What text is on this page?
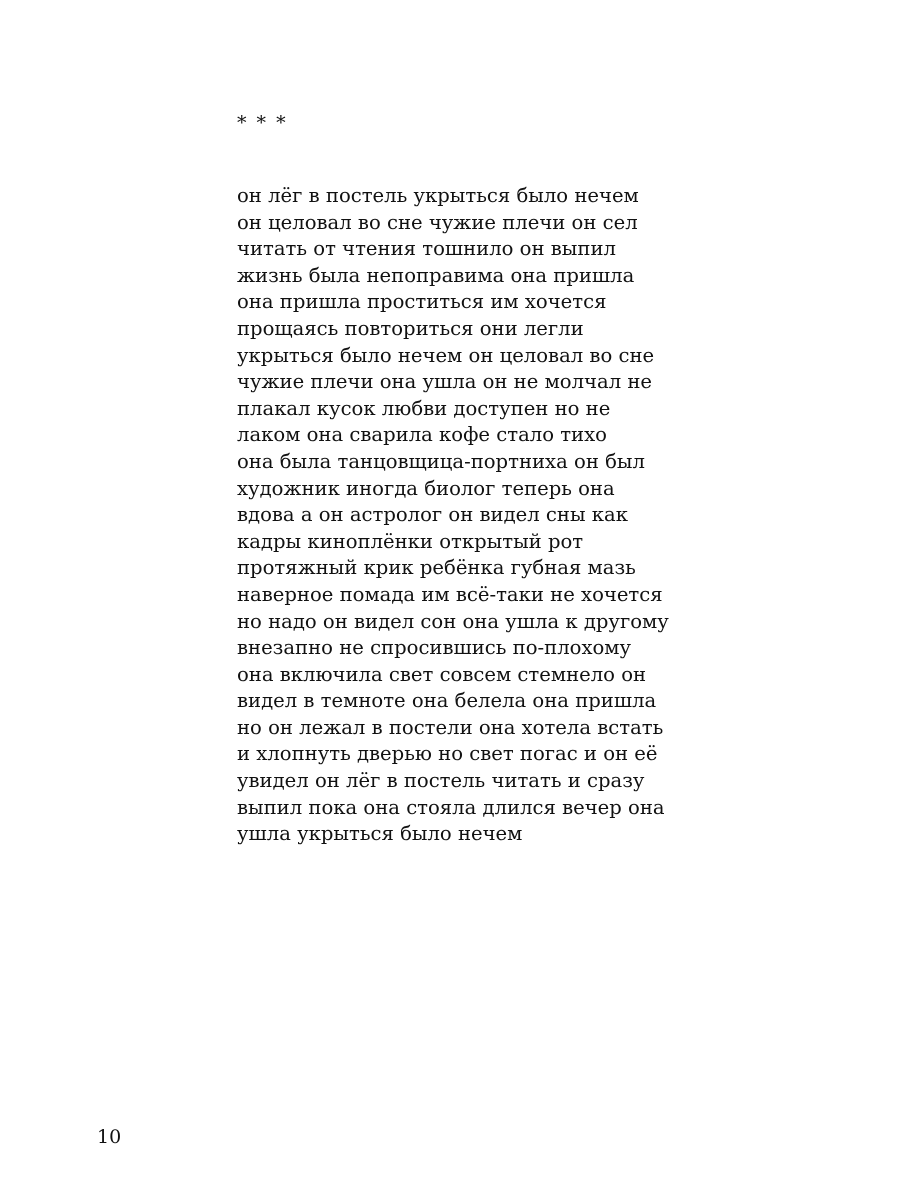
* * *
он лёг в постель укрыться было нечем
он целовал во сне чужие плечи он сел
читать от чтения тошнило он выпил
жизнь была непоправима она пришла
она пришла проститься им хочется
прощаясь повториться они легли
укрыться было нечем он целовал во сне
чужие плечи она ушла он не молчал не
плакал кусок любви доступен но не
лаком она сварила кофе стало тихо
она была танцовщица-портниха он был
художник иногда биолог теперь она
вдова а он астролог он видел сны как
кадры киноплёнки открытый рот
протяжный крик ребёнка губная мазь
наверное помада им всё-таки не хочется
но надо он видел сон она ушла к другому
внезапно не спросившись по-плохому
она включила свет совсем стемнело он
видел в темноте она белела она пришла
но он лежал в постели она хотела встать
и хлопнуть дверью но свет погас и он её
увидел он лёг в постель читать и сразу
выпил пока она стояла длился вечер она
ушла укрыться было нечем
10
